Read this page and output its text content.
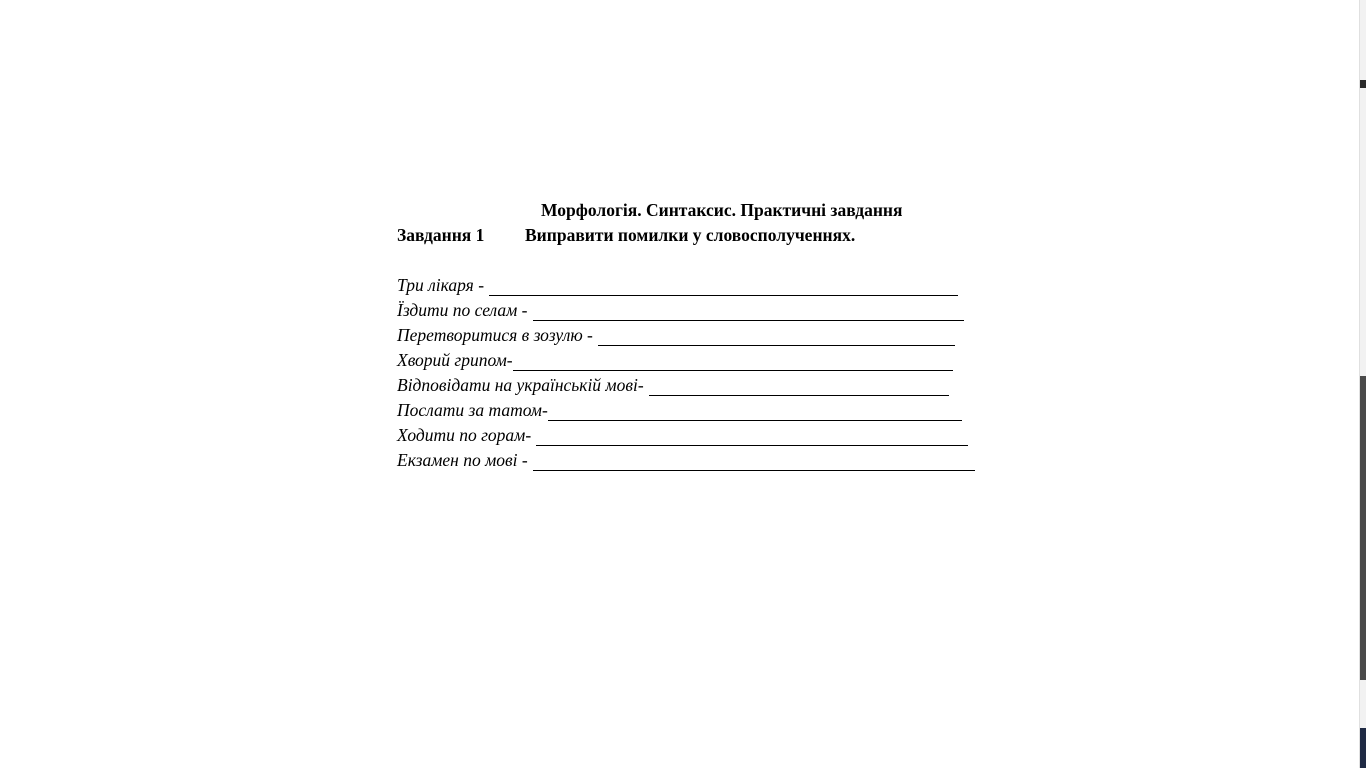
Морфологія. Синтаксис. Практичні завдання
Завдання 1 Виправити помилки у словосполученнях.
Три лікаря -
Їздити по селам -
Перетворитися в зозулю -
Хворий грипом-
Відповідати на українській мові-
Послати за татом-
Ходити по горам-
Екзамен по мові -
